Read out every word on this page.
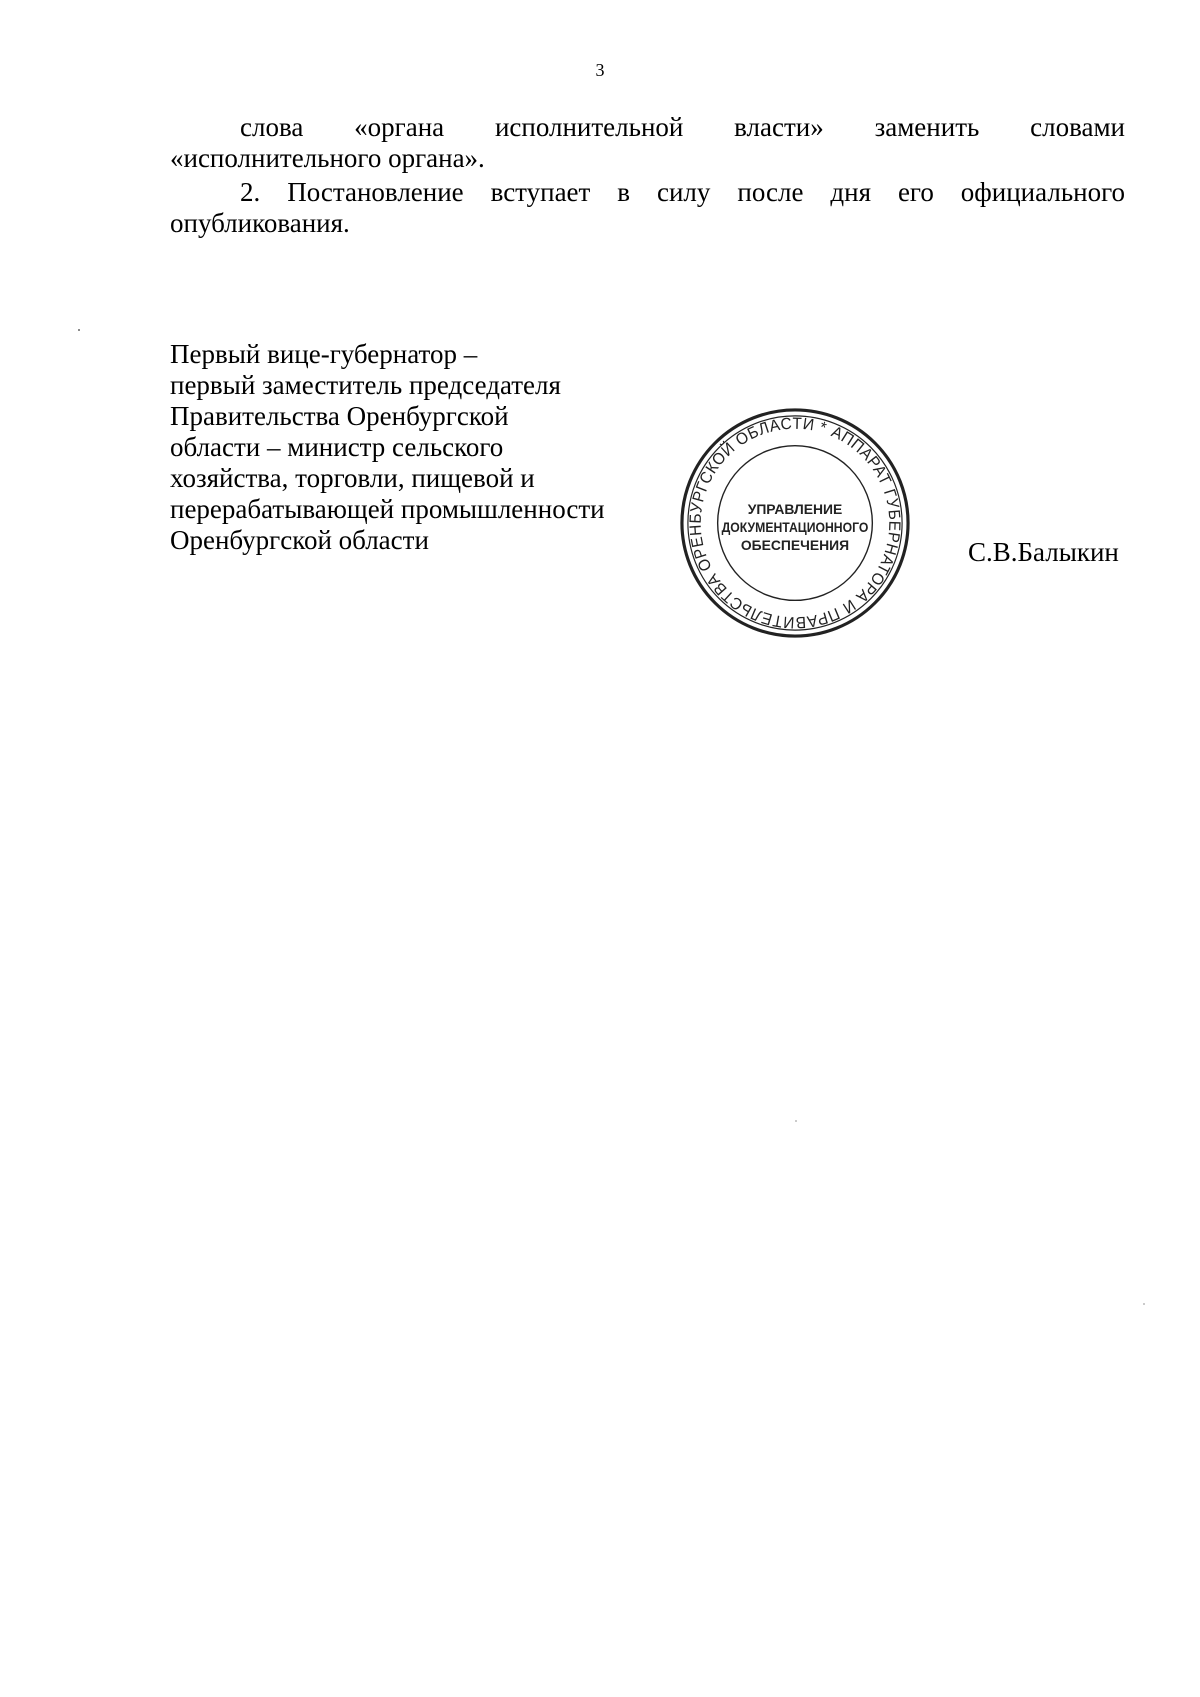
3
слова «органа исполнительной власти» заменить словами
«исполнительного органа».
2. Постановление вступает в силу после дня его официального
опубликования.
Первый вице-губернатор –
первый заместитель председателя
Правительства Оренбургской
области – министр сельского
хозяйства, торговли, пищевой и
перерабатывающей промышленности
Оренбургской области
АППАРАТ ГУБЕРНАТОРА И ПРАВИТЕЛЬСТВА ОРЕНБУРГСКОЙ ОБЛАСТИ *
УПРАВЛЕНИЕ
ДОКУМЕНТАЦИОННОГО
ОБЕСПЕЧЕНИЯ	С.В.Балыкин
